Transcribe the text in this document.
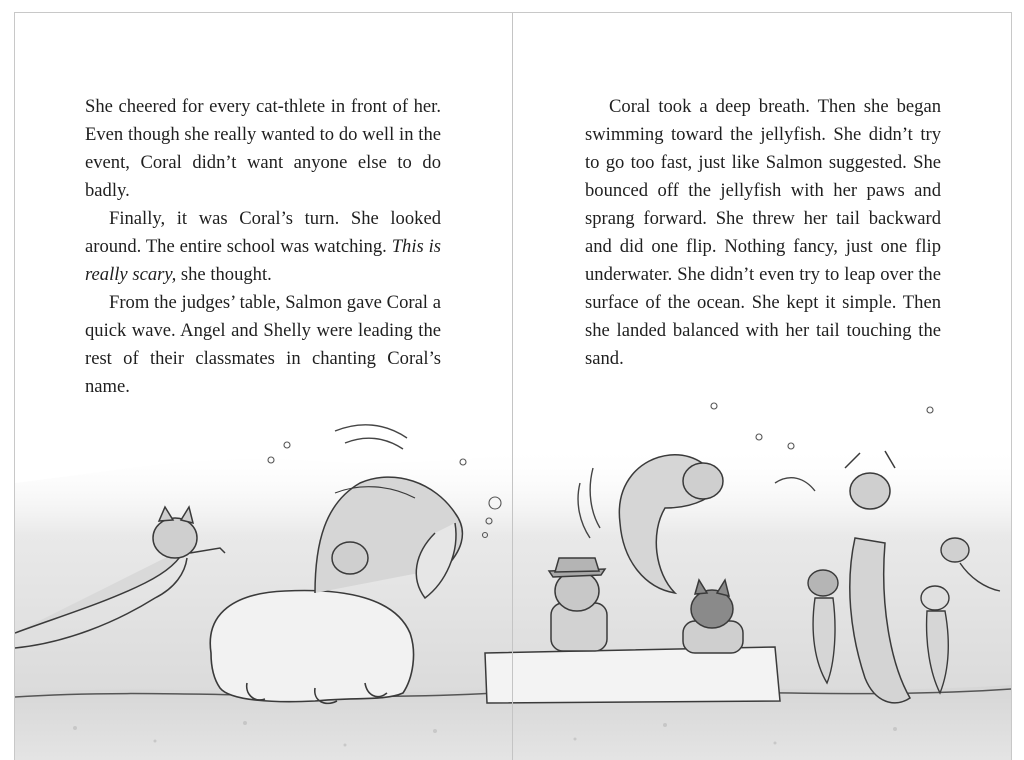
She cheered for every cat-thlete in front of her. Even though she really wanted to do well in the event, Coral didn’t want anyone else to do badly.

Finally, it was Coral’s turn. She looked around. The entire school was watching. This is really scary, she thought.

From the judges’ table, Salmon gave Coral a quick wave. Angel and Shelly were leading the rest of their classmates in chanting Coral’s name.

Coral took a deep breath. Then she began swimming toward the jellyfish. She didn’t try to go too fast, just like Salmon suggested. She bounced off the jellyfish with her paws and sprang forward. She threw her tail backward and did one flip. Nothing fancy, just one flip underwater. She didn’t even try to leap over the surface of the ocean. She kept it simple. Then she landed balanced with her tail touching the sand.
